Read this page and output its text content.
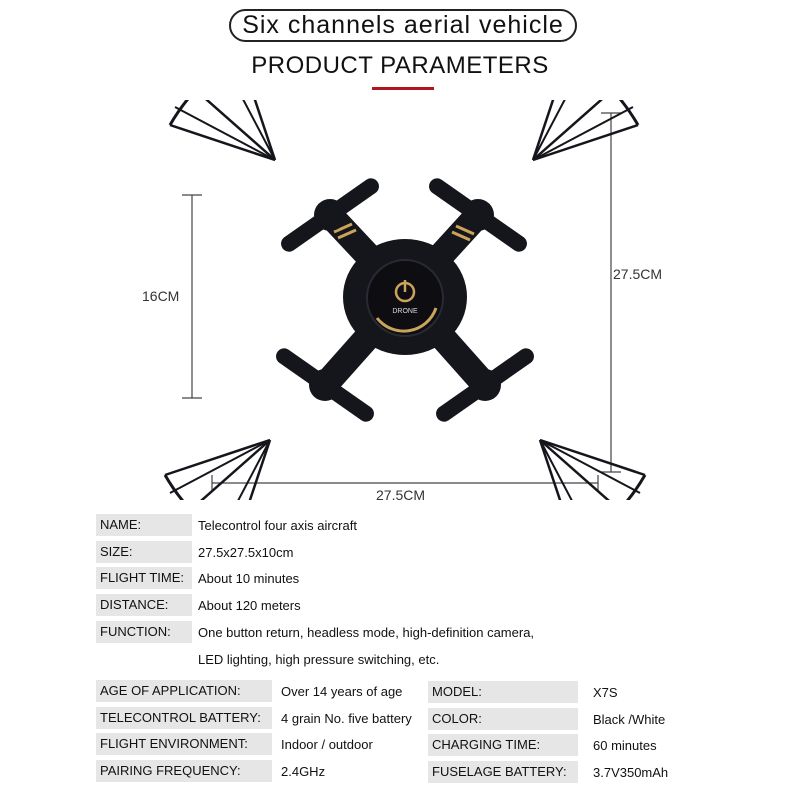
Six channels aerial vehicle
PRODUCT PARAMETERS
DRONE
16CM
27.5CM
27.5CM
NAME:	Telecontrol four axis aircraft
SIZE:	27.5x27.5x10cm
FLIGHT TIME:	About 10 minutes
DISTANCE:	About 120 meters
FUNCTION:	One button return, headless mode, high-definition camera,
LED lighting, high pressure switching, etc.
AGE OF APPLICATION:	Over 14 years of age
TELECONTROL BATTERY:	4 grain No. five battery
FLIGHT ENVIRONMENT:	Indoor / outdoor
PAIRING FREQUENCY:	2.4GHz
MODEL:	X7S
COLOR:	Black /White
CHARGING TIME:	60 minutes
FUSELAGE BATTERY:	3.7V350mAh
